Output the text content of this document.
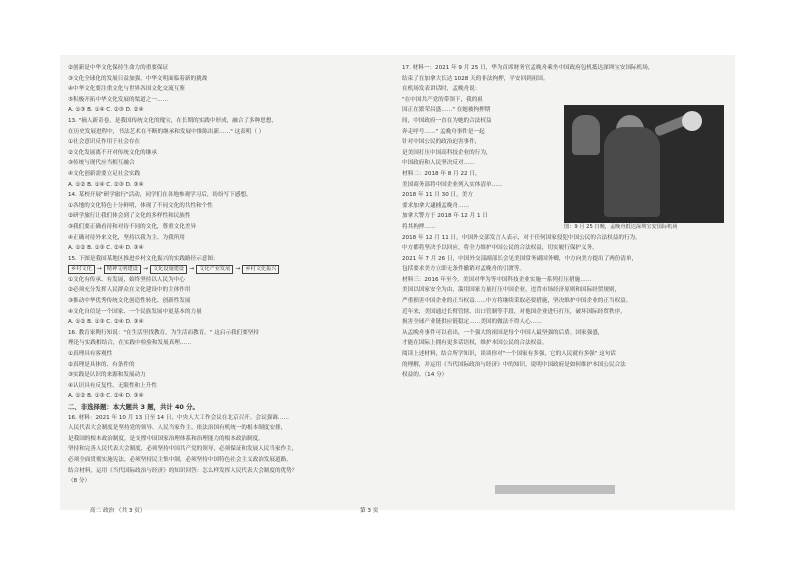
②创新是中华文化保持生命力的重要保证
③文化全球化的发展日益加强，中华文明面临着新的挑战
④中华文化要注重文化与世界各国文化交流互鉴
⑤积极开拓中华文化发展的渠道之一……
A. ①③ B. ①④ C. ②③ D. ②④
13. "摘人新奇卷，是我国传统文化的瑰宝，在长期的实践中形成，融合了多种思想，
在历史发展进程中，书法艺术在不断的继承和发展中推陈出新……" 这表明（ ）
①社会意识反作用于社会存在
②文化发展离不开对传统文化的继承
③传统与现代应当相互融合
④文化创新需要立足社会实践
A. ①② B. ①④ C. ②③ D. ③④
14. 某校开展"研学旅行"活动，同学们在各地参观学习后，纷纷写下感想。
①各地的文化特色十分鲜明，体现了不同文化的共性和个性
②研学旅行让我们体会到了文化的多样性和民族性
③我们要正确看待和对待不同的文化，尊重文化差异
④正确对待外来文化，坚持以我为主、为我所用
A. ①② B. ①③ C. ②④ D. ③④
15. 下图是我国某地区推进乡村文化振兴的实践路径示意图：
乡村文化 → 精神文明建设 → 文化设施建设 → 文化产业发展 → 乡村文化振兴
①文化有传承、有发展，始终坚持以人民为中心
②必须充分发挥人民群众在文化建设中的主体作用
③推动中华优秀传统文化创造性转化、创新性发展
④文化自信是一个国家、一个民族发展中更基本的力量
A. ①② B. ①③ C. ②④ D. ③④
16. 教育家陶行知说："在生活里找教育，为生活而教育。" 这启示我们要坚持
理论与实践相结合，在实践中检验和发展真理……
①真理具有客观性
②真理是具体的、有条件的
③实践是认识的来源和发展动力
④认识具有反复性、无限性和上升性
A. ①② B. ①③ C. ②④ D. ③④
二、非选择题：本大题共 3 题，共计 40 分。
16. 材料：2021 年 10 月 13 日至 14 日，中央人大工作会议在北京召开。会议强调……
人民代表大会制度是坚持党的领导、人民当家作主、依法治国有机统一的根本制度安排，
是我国的根本政治制度，是支撑中国国家治理体系和治理能力的根本政治制度。
坚持和完善人民代表大会制度，必须坚持中国共产党的领导，必须保证和发展人民当家作主，
必须全面贯彻实施宪法，必须坚持民主集中制，必须坚持中国特色社会主义政治发展道路。
结合材料，运用《当代国际政治与经济》的知识回答：怎么样发挥人民代表大会制度的优势？
（8 分）
17. 材料一：2021 年 9 月 25 日，华为首席财务官孟晚舟乘坐中国政府包机抵达深圳宝安国际机场，
结束了在加拿大长达 1028 天的非法拘押，平安回到祖国。
在机场发表讲话时，孟晚舟说：
"在中国共产党的带领下，我的祖
国正在繁荣昌盛……" 在她被拘押期
间，中国政府一直在为她的合法权益
奔走呼号……" 孟晚舟事件是一起
针对中国公民的政治迫害事件，
是美国打压中国高科技企业的行为，
中国政府和人民坚决反对……
材料二：2018 年 8 月 22 日，
美国商务部将中国企业列入实体清单……
2018 年 11 月 30 日，美方
要求加拿大逮捕孟晚舟……
加拿大警方于 2018 年 12 月 1 日
将其拘押……
2018 年 12 月 11 日，中国外交部发言人表示，对于任何国家侵犯中国公民的合法权益的行为，
中方都将坚决予以回应，将全力维护中国公民的合法权益，切实履行保护义务。
2021 年 7 月 26 日，中国外交部副部长会见美国常务副国务卿，中方向美方提出了两份清单，
包括要求美方立即无条件撤销对孟晚舟的引渡等。
材料三：2016 年至今，美国对华为等中国科技企业实施一系列打压措施……
美国以国家安全为由，滥用国家力量打压中国企业，违背市场经济原则和国际经贸规则，
严重损害中国企业的正当权益……中方将继续采取必要措施，坚决维护中国企业的正当权益。
近年来，美国通过长臂管辖、出口管制等手段，对他国企业进行打压，破坏国际经贸秩序，
损害全球产业链供应链稳定……美国的做法不得人心……
从孟晚舟事件可以看出，一个强大的祖国是每个中国人最坚强的后盾。国家强盛，
才能在国际上拥有更多话语权，维护本国公民的合法权益。
阅读上述材料，结合所学知识，谈谈你对"一个国家有多强，它的人民就有多强" 这句话
的理解，并运用《当代国际政治与经济》中的知识，说明中国政府是如何维护本国公民合法
权益的。（14 分）
图：9 月 25 日晚，孟晚舟抵达深圳宝安国际机场
高二 政治 （共 3 页）	第 3 页
